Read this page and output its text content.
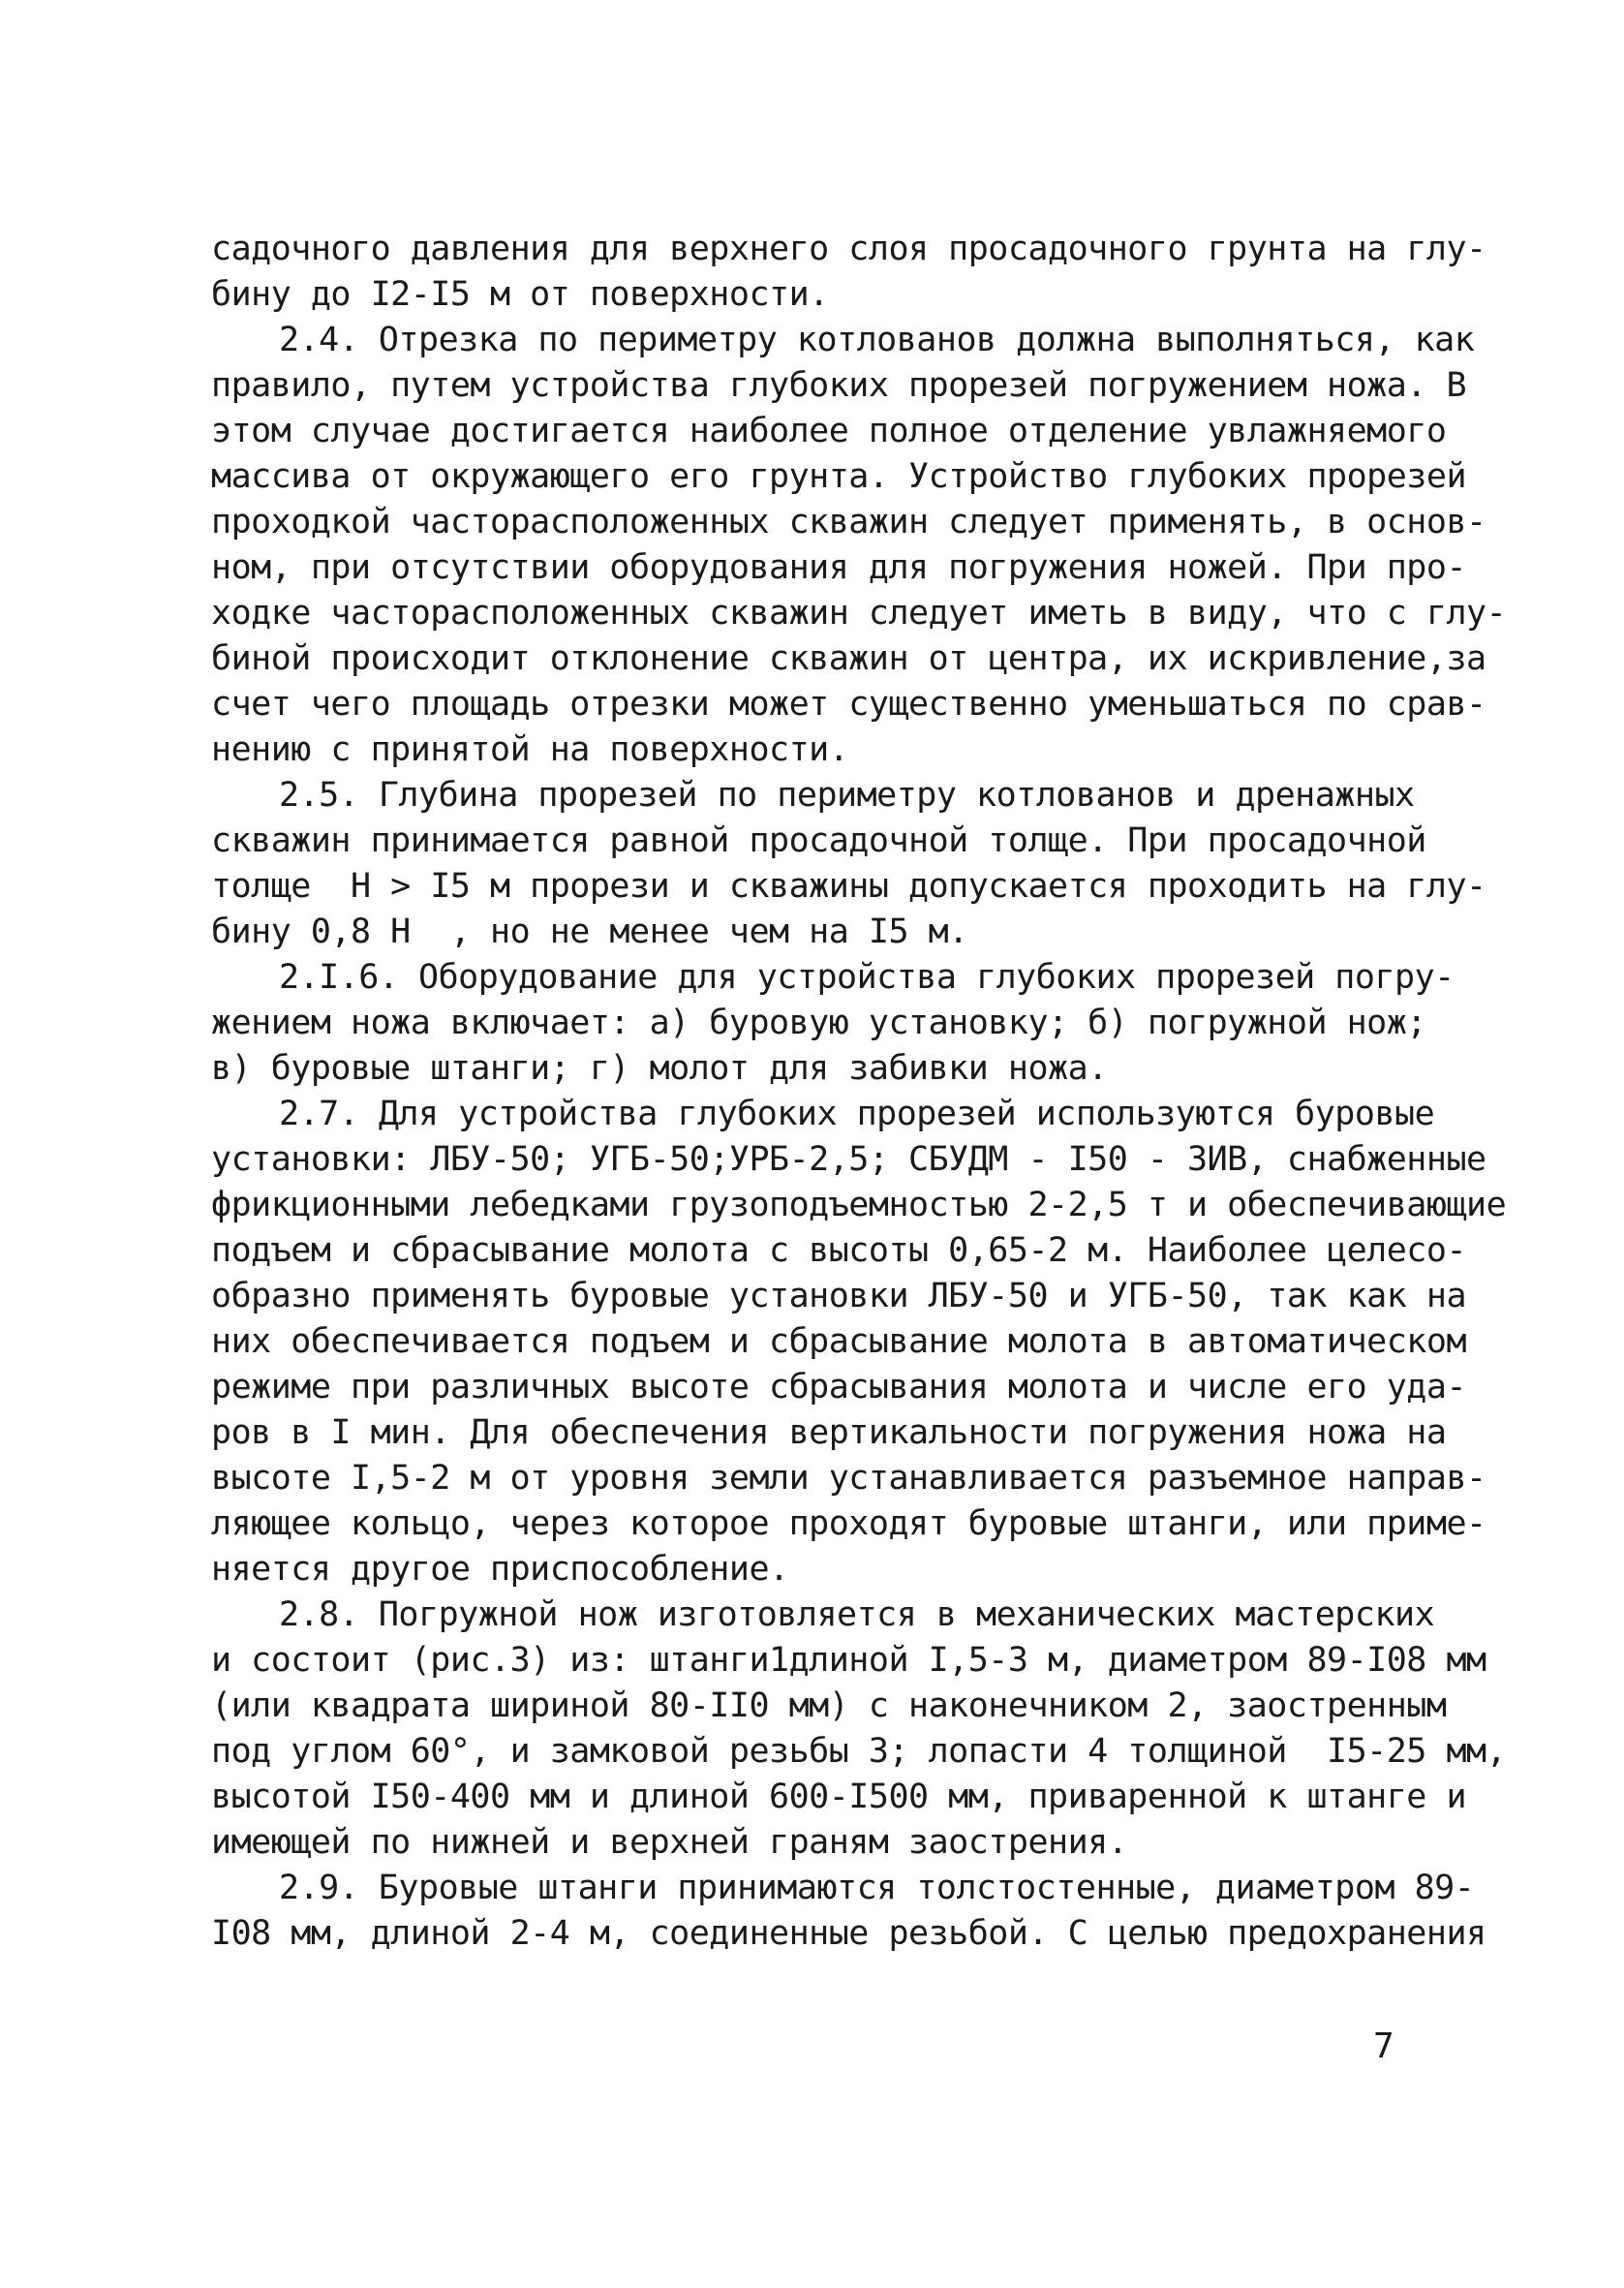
садочного давления для верхнего слоя просадочного грунта на глу-
бину до I2-I5 м от поверхности.
2.4. Отрезка по периметру котлованов должна выполняться, как
правило, путем устройства глубоких прорезей погружением ножа. В
этом случае достигается наиболее полное отделение увлажняемого
массива от окружающего его грунта. Устройство глубоких прорезей
проходкой часторасположенных скважин следует применять, в основ-
ном, при отсутствии оборудования для погружения ножей. При про-
ходке часторасположенных скважин следует иметь в виду, что с глу-
биной происходит отклонение скважин от центра, их искривление,за
счет чего площадь отрезки может существенно уменьшаться по срав-
нению с принятой на поверхности.
2.5. Глубина прорезей по периметру котлованов и дренажных
скважин принимается равной просадочной толще. При просадочной
толще  H > I5 м прорези и скважины допускается проходить на глу-
бину 0,8 H  , но не менее чем на I5 м.
2.I.6. Оборудование для устройства глубоких прорезей погру-
жением ножа включает: а) буровую установку; б) погружной нож;
в) буровые штанги; г) молот для забивки ножа.
2.7. Для устройства глубоких прорезей используются буровые
установки: ЛБУ-50; УГБ-50;УРБ-2,5; СБУДМ - I50 - ЗИВ, снабженные
фрикционными лебедками грузоподъемностью 2-2,5 т и обеспечивающие
подъем и сбрасывание молота с высоты 0,65-2 м. Наиболее целесо-
образно применять буровые установки ЛБУ-50 и УГБ-50, так как на
них обеспечивается подъем и сбрасывание молота в автоматическом
режиме при различных высоте сбрасывания молота и числе его уда-
ров в I мин. Для обеспечения вертикальности погружения ножа на
высоте I,5-2 м от уровня земли устанавливается разъемное направ-
ляющее кольцо, через которое проходят буровые штанги, или приме-
няется другое приспособление.
2.8. Погружной нож изготовляется в механических мастерских
и состоит (рис.3) из: штанги1длиной I,5-3 м, диаметром 89-I08 мм
(или квадрата шириной 80-II0 мм) с наконечником 2, заостренным
под углом 60°, и замковой резьбы 3; лопасти 4 толщиной  I5-25 мм,
высотой I50-400 мм и длиной 600-I500 мм, приваренной к штанге и
имеющей по нижней и верхней граням заострения.
2.9. Буровые штанги принимаются толстостенные, диаметром 89-
I08 мм, длиной 2-4 м, соединенные резьбой. С целью предохранения
7
